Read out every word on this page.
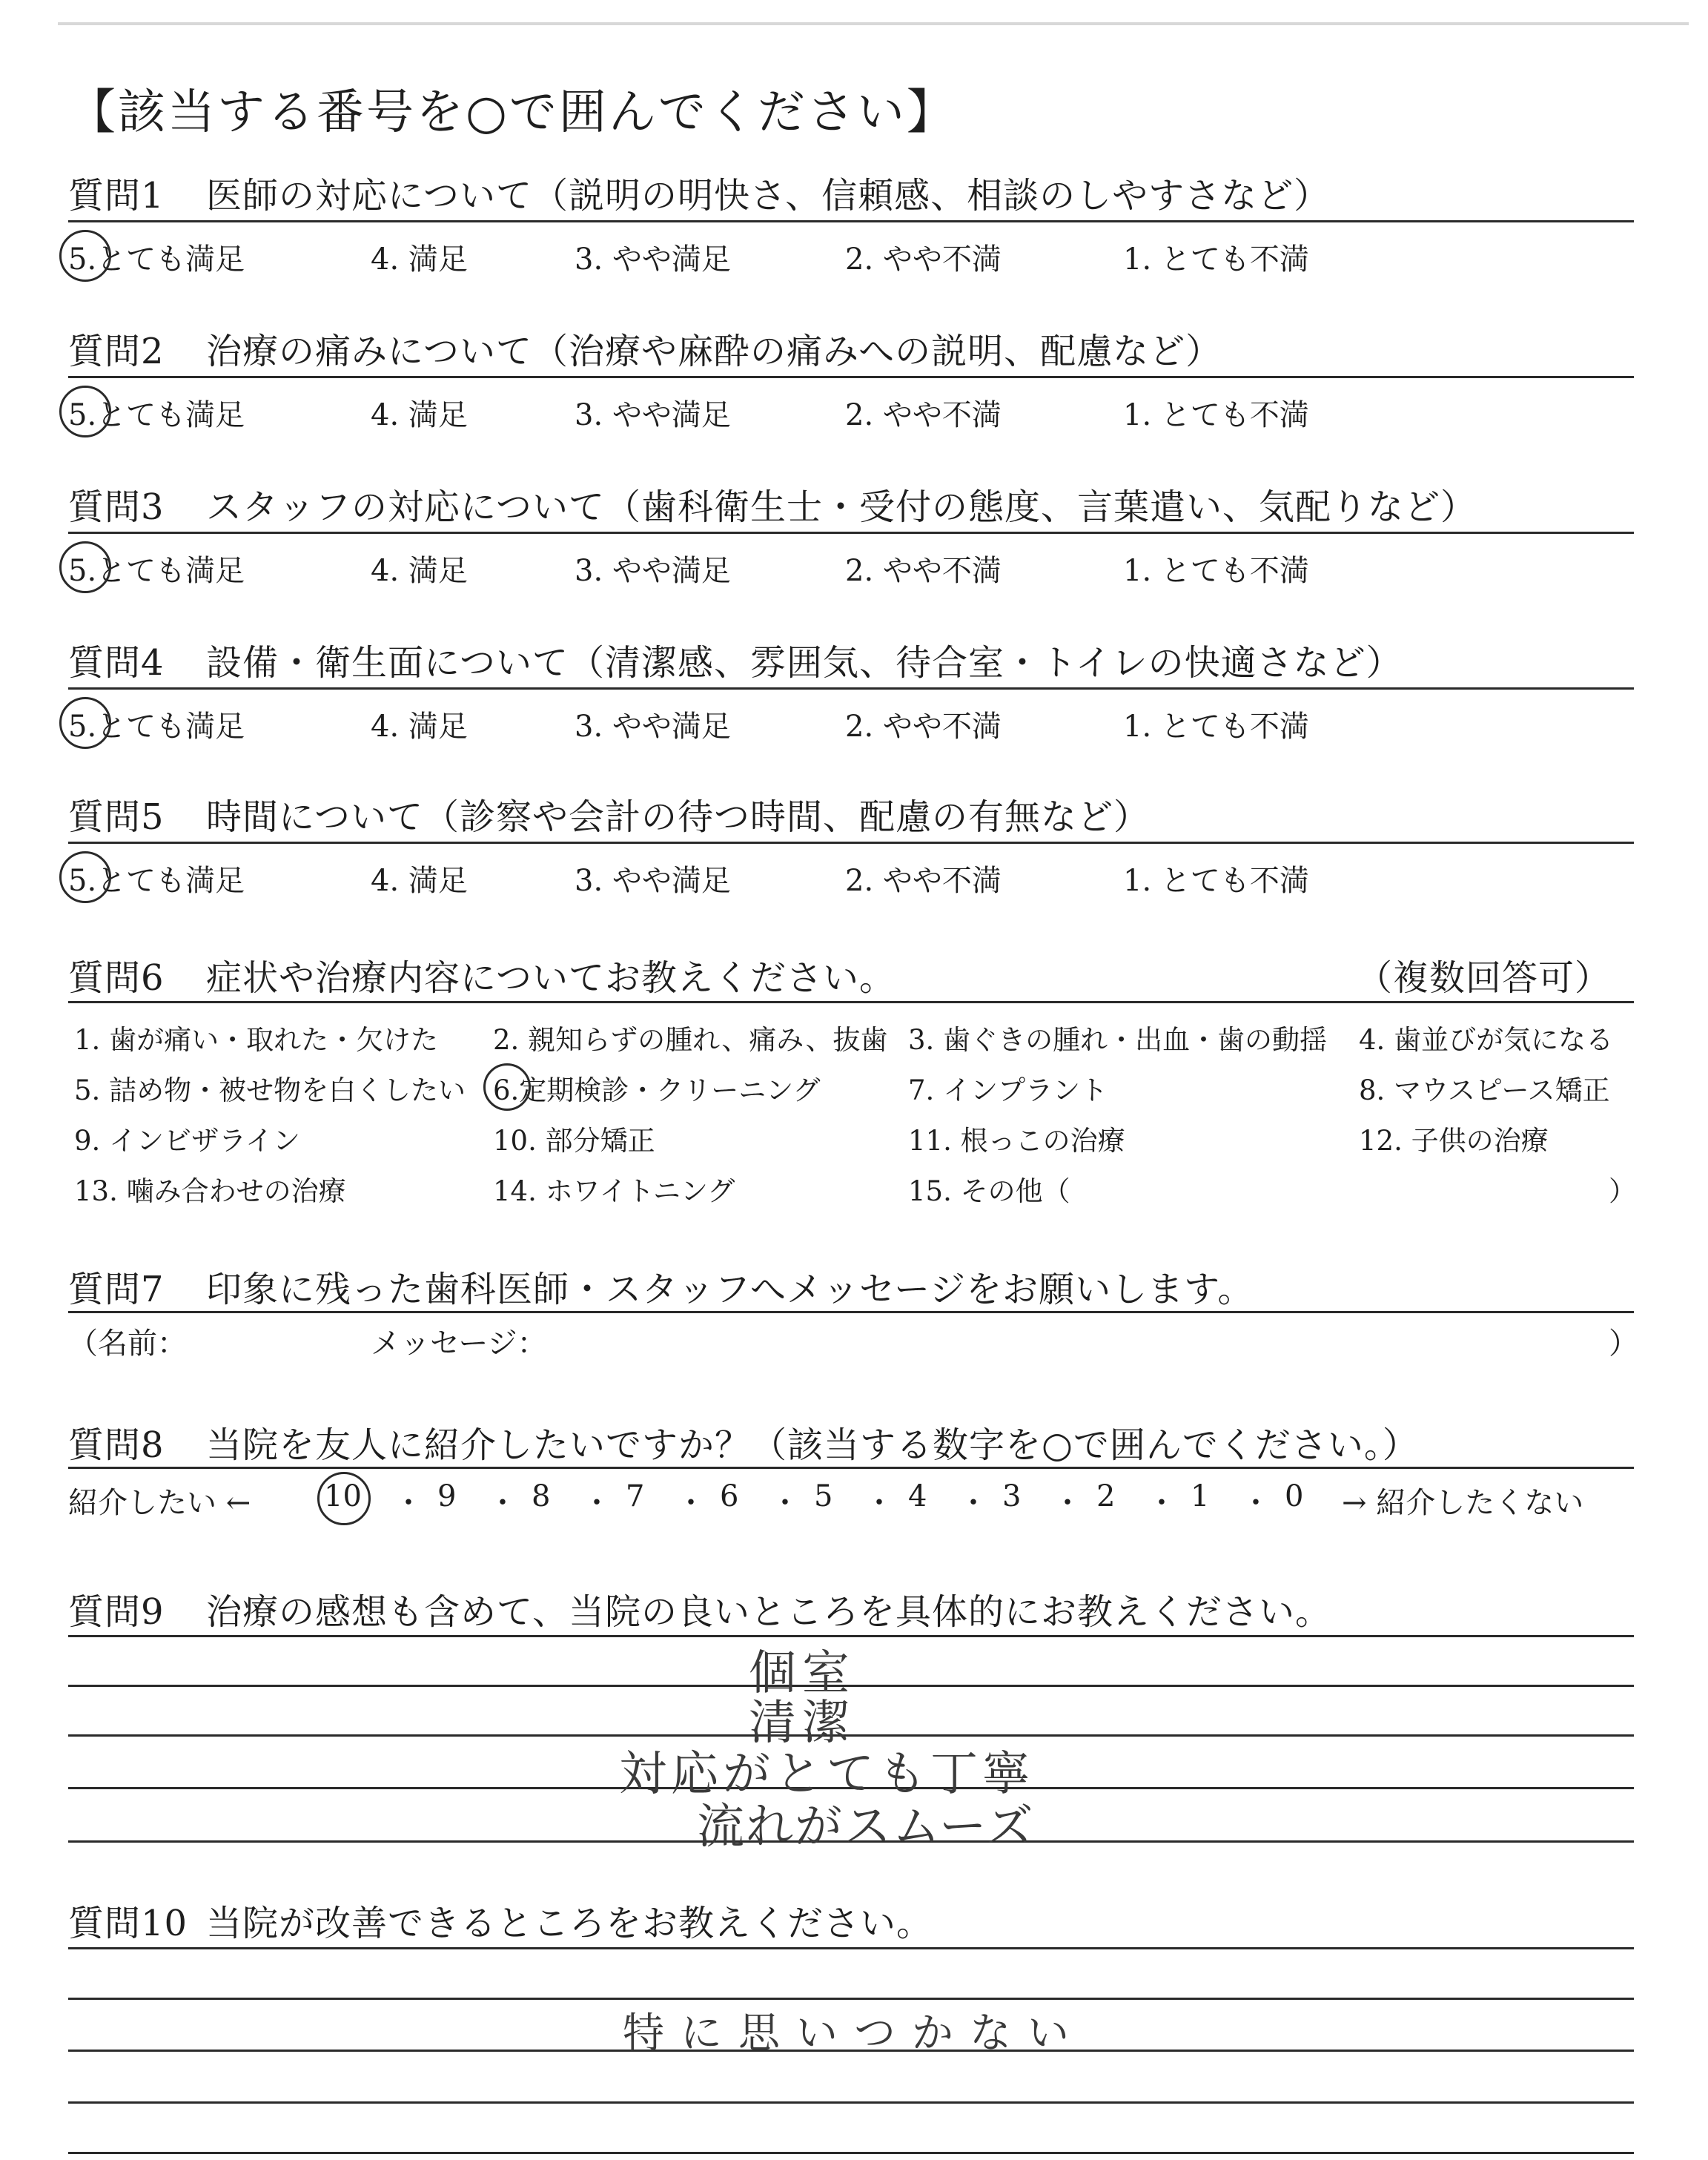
【該当する番号を○で囲んでください】
質問1 医師の対応について（説明の明快さ、信頼感、相談のしやすさなど）
5.とても満足	4. 満足	3. やや満足	2. やや不満	1. とても不満
質問2 治療の痛みについて（治療や麻酔の痛みへの説明、配慮など）
5.とても満足	4. 満足	3. やや満足	2. やや不満	1. とても不満
質問3 スタッフの対応について（歯科衛生士・受付の態度、言葉遣い、気配りなど）
5.とても満足	4. 満足	3. やや満足	2. やや不満	1. とても不満
質問4 設備・衛生面について（清潔感、雰囲気、待合室・トイレの快適さなど）
5.とても満足	4. 満足	3. やや満足	2. やや不満	1. とても不満
質問5 時間について（診察や会計の待つ時間、配慮の有無など）
5.とても満足	4. 満足	3. やや満足	2. やや不満	1. とても不満
質問6 症状や治療内容についてお教えください。	（複数回答可）
1. 歯が痛い・取れた・欠けた 2. 親知らずの腫れ、痛み、抜歯 3. 歯ぐきの腫れ・出血・歯の動揺 4. 歯並びが気になる
5. 詰め物・被せ物を白くしたい 6.定期検診・クリーニング	7. インプラント	8. マウスピース矯正
9. インビザライン	10. 部分矯正	11. 根っこの治療	12. 子供の治療
13. 噛み合わせの治療	14. ホワイトニング	15. その他（	）
質問7 印象に残った歯科医師・スタッフへメッセージをお願いします。
（名前：	メッセージ：	）
質問8 当院を友人に紹介したいですか？（該当する数字を○で囲んでください。）
紹介したい ← 10 ・ 9 ・ 8 ・ 7 ・ 6 ・ 5 ・ 4 ・ 3 ・ 2 ・ 1 ・ 0 → 紹介したくない
質問9 治療の感想も含めて、当院の良いところを具体的にお教えください。
個室
清潔
対応がとても丁寧
流れがスムーズ
質問10 当院が改善できるところをお教えください。
特に思いつかない
